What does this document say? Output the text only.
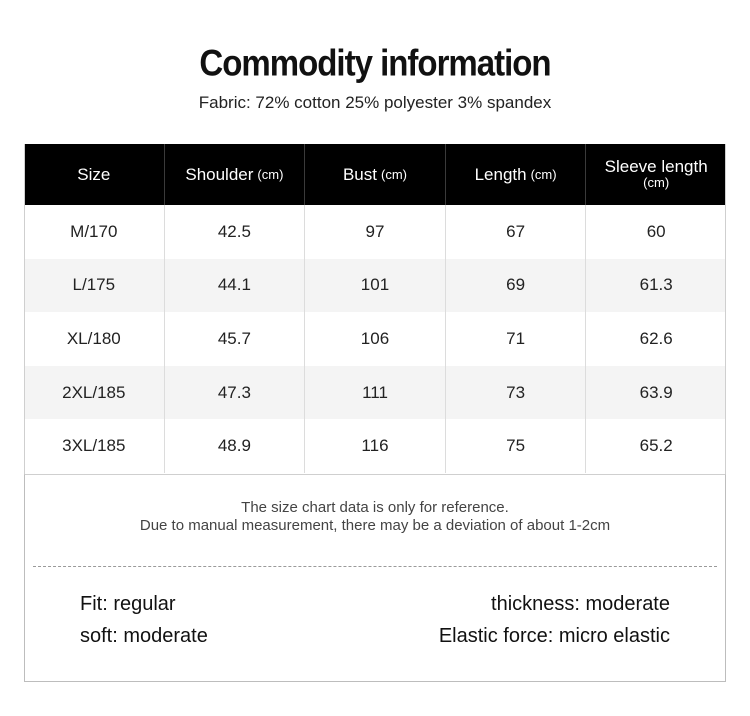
Commodity information
Fabric: 72% cotton 25% polyester 3% spandex
Size	Shoulder (cm)	Bust (cm)	Length (cm)	Sleeve length
(cm)
M/170	42.5	97	67	60
L/175	44.1	101	69	61.3
XL/180	45.7	106	71	62.6
2XL/185	47.3	111	73	63.9
3XL/185	48.9	116	75	65.2
The size chart data is only for reference.
Due to manual measurement, there may be a deviation of about 1-2cm
Fit: regular	thickness: moderate
soft: moderate	Elastic force: micro elastic
